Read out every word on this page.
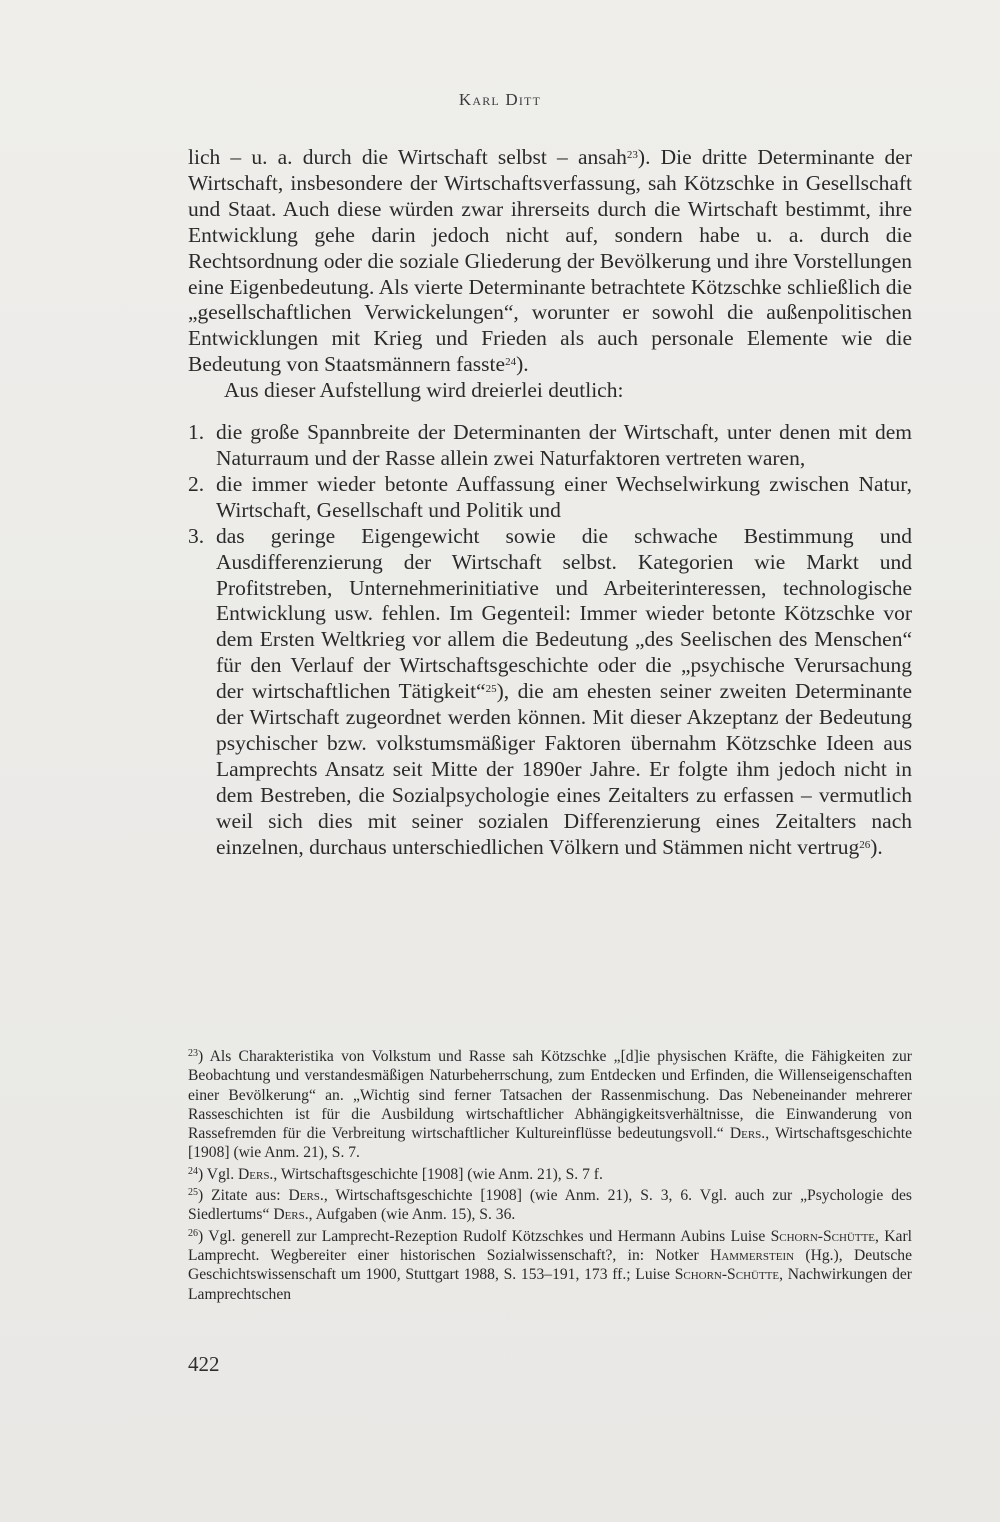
Karl Ditt

lich – u. a. durch die Wirtschaft selbst – ansah$^{23}$). Die dritte Determinante der Wirtschaft, insbesondere der Wirtschaftsverfassung, sah Kötzschke in Gesellschaft und Staat. Auch diese würden zwar ihrerseits durch die Wirtschaft bestimmt, ihre Entwicklung gehe darin jedoch nicht auf, sondern habe u. a. durch die Rechtsordnung oder die soziale Gliederung der Bevölkerung und ihre Vorstellungen eine Eigenbedeutung. Als vierte Determinante betrachtete Kötzschke schließlich die „gesellschaftlichen Verwickelungen“, worunter er sowohl die außenpolitischen Entwicklungen mit Krieg und Frieden als auch personale Elemente wie die Bedeutung von Staatsmännern fasste$^{24}$).

Aus dieser Aufstellung wird dreierlei deutlich:

1. die große Spannbreite der Determinanten der Wirtschaft, unter denen mit dem Naturraum und der Rasse allein zwei Naturfaktoren vertreten waren,
2. die immer wieder betonte Auffassung einer Wechselwirkung zwischen Natur, Wirtschaft, Gesellschaft und Politik und
3. das geringe Eigengewicht sowie die schwache Bestimmung und Ausdifferenzierung der Wirtschaft selbst. Kategorien wie Markt und Profitstreben, Unternehmerinitiative und Arbeiterinteressen, technologische Entwicklung usw. fehlen. Im Gegenteil: Immer wieder betonte Kötzschke vor dem Ersten Weltkrieg vor allem die Bedeutung „des Seelischen des Menschen“ für den Verlauf der Wirtschaftsgeschichte oder die „psychische Verursachung der wirtschaftlichen Tätigkeit“$^{25}$), die am ehesten seiner zweiten Determinante der Wirtschaft zugeordnet werden können. Mit dieser Akzeptanz der Bedeutung psychischer bzw. volkstumsmäßiger Faktoren übernahm Kötzschke Ideen aus Lamprechts Ansatz seit Mitte der 1890er Jahre. Er folgte ihm jedoch nicht in dem Bestreben, die Sozialpsychologie eines Zeitalters zu erfassen – vermutlich weil sich dies mit seiner sozialen Differenzierung eines Zeitalters nach einzelnen, durchaus unterschiedlichen Völkern und Stämmen nicht vertrug$^{26}$).

$^{23}$) Als Charakteristika von Volkstum und Rasse sah Kötzschke „[d]ie physischen Kräfte, die Fähigkeiten zur Beobachtung und verstandesmäßigen Naturbeherrschung, zum Entdecken und Erfinden, die Willenseigenschaften einer Bevölkerung“ an. „Wichtig sind ferner Tatsachen der Rassenmischung. Das Nebeneinander mehrerer Rasseschichten ist für die Ausbildung wirtschaftlicher Abhängigkeitsverhältnisse, die Einwanderung von Rassefremden für die Verbreitung wirtschaftlicher Kultureinflüsse bedeutungsvoll.“ Ders., Wirtschaftsgeschichte [1908] (wie Anm. 21), S. 7.

$^{24}$) Vgl. Ders., Wirtschaftsgeschichte [1908] (wie Anm. 21), S. 7 f.

$^{25}$) Zitate aus: Ders., Wirtschaftsgeschichte [1908] (wie Anm. 21), S. 3, 6. Vgl. auch zur „Psychologie des Siedlertums“ Ders., Aufgaben (wie Anm. 15), S. 36.

$^{26}$) Vgl. generell zur Lamprecht-Rezeption Rudolf Kötzschkes und Hermann Aubins Luise Schorn-Schütte, Karl Lamprecht. Wegbereiter einer historischen Sozialwissenschaft?, in: Notker Hammerstein (Hg.), Deutsche Geschichtswissenschaft um 1900, Stuttgart 1988, S. 153–191, 173 ff.; Luise Schorn-Schütte, Nachwirkungen der Lamprechtschen

422
